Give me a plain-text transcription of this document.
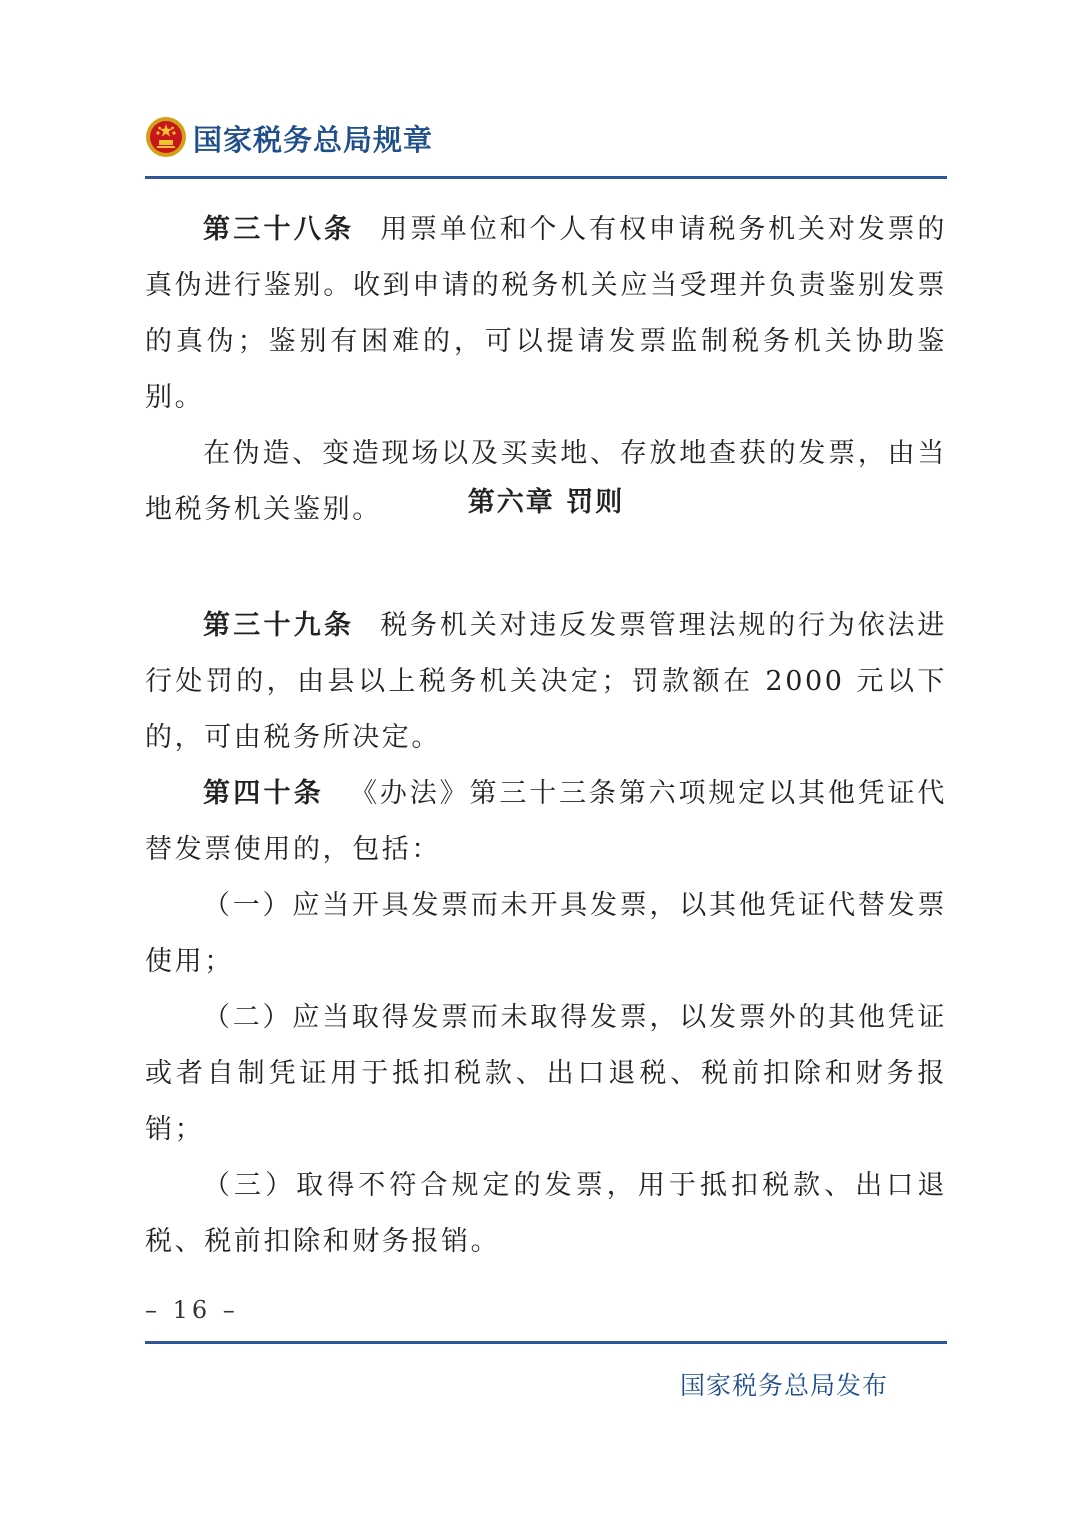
国家税务总局规章

第三十八条 用票单位和个人有权申请税务机关对发票的真伪进行鉴别。收到申请的税务机关应当受理并负责鉴别发票的真伪；鉴别有困难的，可以提请发票监制税务机关协助鉴别。

在伪造、变造现场以及买卖地、存放地查获的发票，由当地税务机关鉴别。	第六章 罚则

第三十九条 税务机关对违反发票管理法规的行为依法进行处罚的，由县以上税务机关决定；罚款额在 2000 元以下的，可由税务所决定。

第四十条 《办法》第三十三条第六项规定以其他凭证代替发票使用的，包括：

（一）应当开具发票而未开具发票，以其他凭证代替发票使用；

（二）应当取得发票而未取得发票，以发票外的其他凭证或者自制凭证用于抵扣税款、出口退税、税前扣除和财务报销；

（三）取得不符合规定的发票，用于抵扣税款、出口退税、税前扣除和财务报销。

– 16 –
国家税务总局发布
